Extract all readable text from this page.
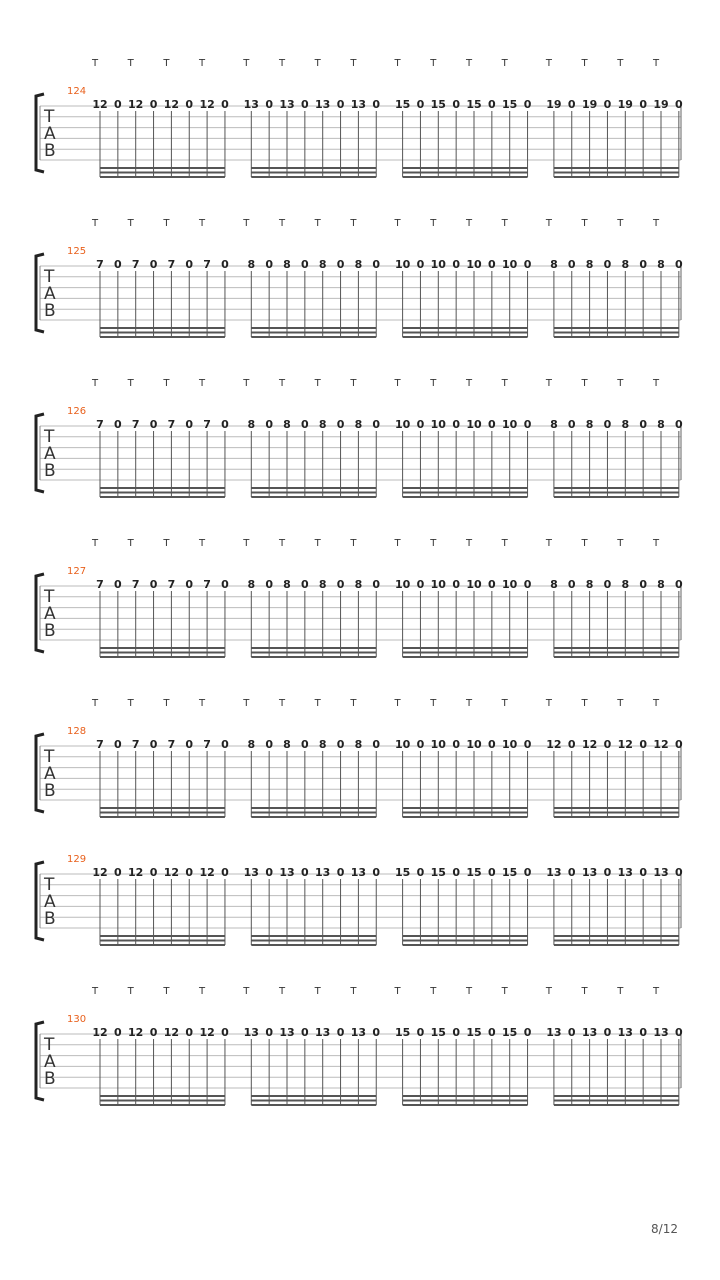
T
A
B
124
12 0 12 0 12 0 12 0 13 0 13 0 13 0 13 0 15 0 15 0 15 0 15 0 19 0 19 0 19 0 19 0
T	T	T	T	T	T	T	T	T	T	T	T	T	T	T	T
T
A
B
125
7 0 7 0 7 0 7 0 8 0 8 0 8 0 8 0 10 0 10 0 10 0 10 0 8 0 8 0 8 0 8 0
T	T	T	T	T	T	T	T	T	T	T	T	T	T	T	T
T
A
B
126
7 0 7 0 7 0 7 0 8 0 8 0 8 0 8 0 10 0 10 0 10 0 10 0 8 0 8 0 8 0 8 0
T	T	T	T	T	T	T	T	T	T	T	T	T	T	T	T
T
A
B
127
7 0 7 0 7 0 7 0 8 0 8 0 8 0 8 0 10 0 10 0 10 0 10 0 8 0 8 0 8 0 8 0
T	T	T	T	T	T	T	T	T	T	T	T	T	T	T	T
T
A
B
128
7 0 7 0 7 0 7 0 8 0 8 0 8 0 8 0 10 0 10 0 10 0 10 0 12 0 12 0 12 0 12 0
T	T	T	T	T	T	T	T	T	T	T	T	T	T	T	T
T
A
B
129
12 0 12 0 12 0 12 0 13 0 13 0 13 0 13 0 15 0 15 0 15 0 15 0 13 0 13 0 13 0 13 0
T
A
B
130
12 0 12 0 12 0 12 0 13 0 13 0 13 0 13 0 15 0 15 0 15 0 15 0 13 0 13 0 13 0 13 0
T	T	T	T	T	T	T	T	T	T	T	T	T	T	T	T
8/12
